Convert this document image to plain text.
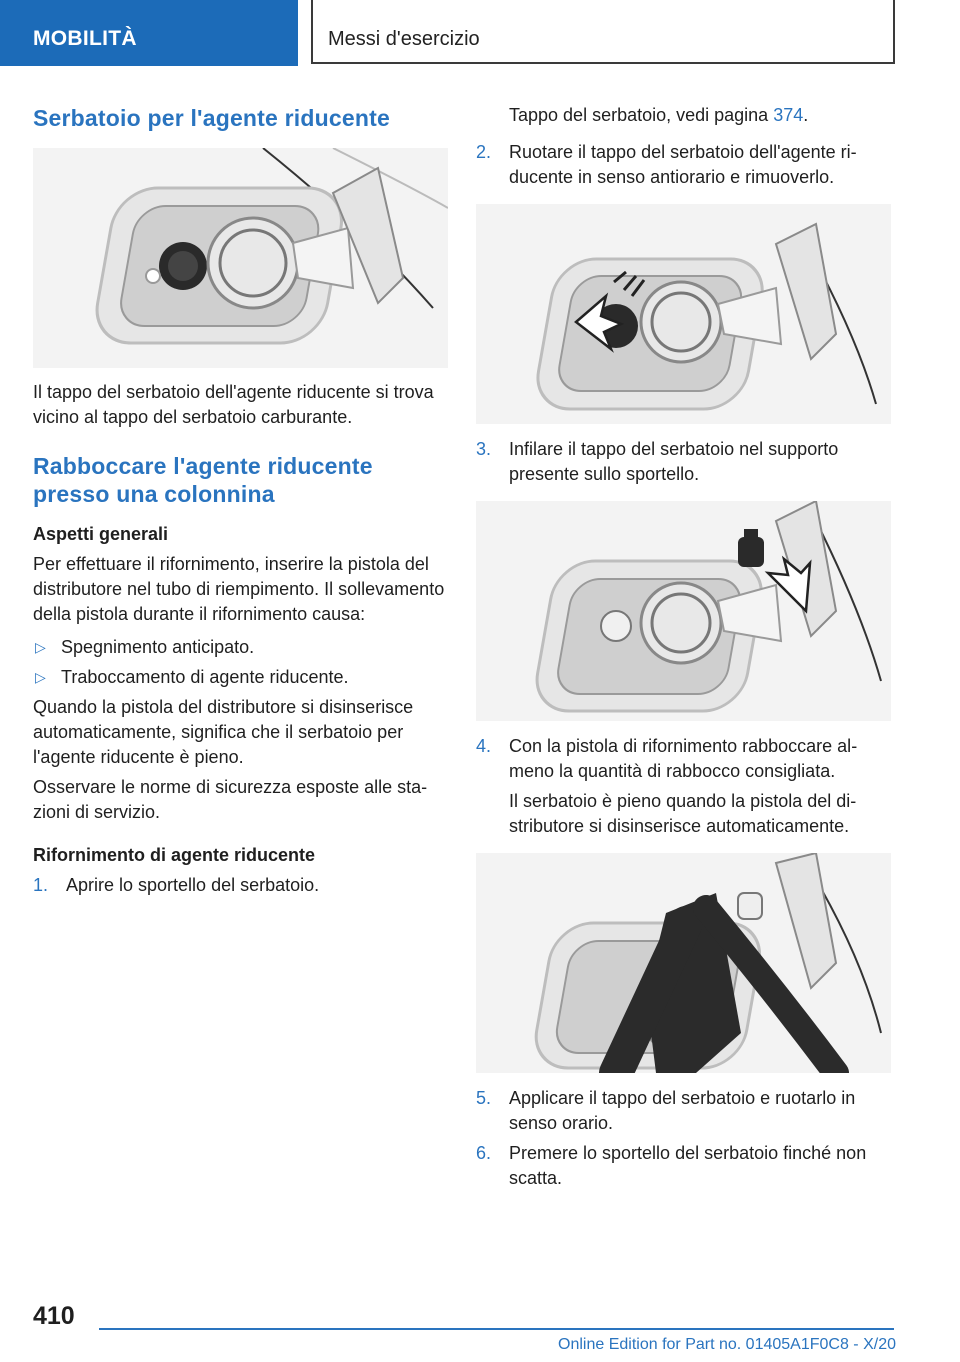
MOBILITÀ	Messi d'esercizio
Serbatoio per l'agente riducente

Il tappo del serbatoio dell'agente riducente si trova vicino al tappo del serbatoio carburante.

Rabboccare l'agente riducente presso una colonnina
Aspetti generali

Per effettuare il rifornimento, inserire la pistola del distributore nel tubo di riempimento. Il sollevamento della pistola durante il rifornimento causa:

▷ Spegnimento anticipato.
▷ Traboccamento di agente riducente.

Quando la pistola del distributore si disinserisce automaticamente, significa che il serbatoio per l'agente riducente è pieno.

Osservare le norme di sicurezza esposte alle stazioni di servizio.

Rifornimento di agente riducente
1. Aprire lo sportello del serbatoio.

Tappo del serbatoio, vedi pagina 374.

2. Ruotare il tappo del serbatoio dell'agente riducente in senso antiorario e rimuoverlo.
3. Infilare il tappo del serbatoio nel supporto presente sullo sportello.
4. Con la pistola di rifornimento rabboccare almeno la quantità di rabbocco consigliata.

Il serbatoio è pieno quando la pistola del distributore si disinserisce automaticamente.

5. Applicare il tappo del serbatoio e ruotarlo in senso orario.
6. Premere lo sportello del serbatoio finché non scatta.
410
Online Edition for Part no. 01405A1F0C8 - X/20
